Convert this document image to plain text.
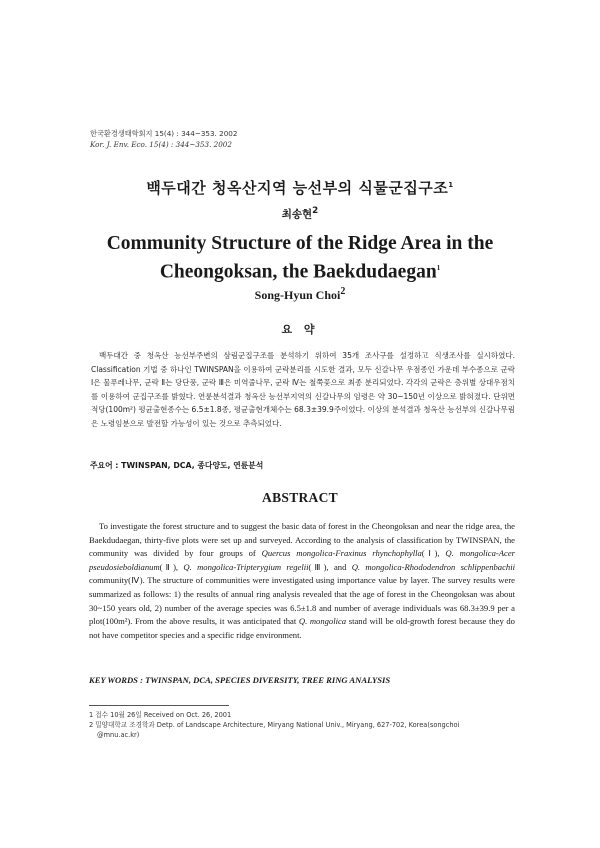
한국환경생태학회지 15(4) : 344~353. 2002
Kor. J. Env. Eco. 15(4) : 344~353. 2002
백두대간 청옥산지역 능선부의 식물군집구조$^1$
최송현$^2$
Community Structure of the Ridge Area in the
Cheongoksan, the Baekdudaegan$^1$
Song-Hyun Choi$^2$
요 약
백두대간 중 청옥산 능선부주변의 삼림군집구조를 분석하기 위하여 35개 조사구를 설정하고 식생조사를 실시하였다. Classification 기법 중 하나인 TWINSPAN을 이용하여 군락분리를 시도한 결과, 모두 신갈나무 우점종인 가운데 부수종으로 군락 Ⅰ은 물푸레나무, 군락 Ⅱ는 당단풍, 군락 Ⅲ은 미역줄나무, 군락 Ⅳ는 철쭉꽃으로 최종 분리되었다. 각각의 군락은 층위별 상대우점치를 이용하여 군집구조를 밝혔다. 연륜분석결과 청옥산 능선부지역의 신갈나무의 임령은 약 30~150년 이상으로 밝혀졌다. 단위면적당(100m²) 평균출현종수는 6.5±1.8종, 평균출현개체수는 68.3±39.9주이었다. 이상의 분석결과 청옥산 능선부의 신갈나무림은 노령임분으로 발전할 가능성이 있는 것으로 추측되었다.
주요어 : TWINSPAN, DCA, 종다양도, 연륜분석
ABSTRACT
To investigate the forest structure and to suggest the basic data of forest in the Cheongoksan and near the ridge area, the Baekdudaegan, thirty-five plots were set up and surveyed. According to the analysis of classification by TWINSPAN, the community was divided by four groups of Quercus mongolica-Fraxinus rhynchophylla(Ⅰ), Q. mongolica-Acer pseudosieboldianum(Ⅱ), Q. mongolica-Tripterygium regelii(Ⅲ), and Q. mongolica-Rhododendron schlippenbachii community(Ⅳ). The structure of communities were investigated using importance value by layer. The survey results were summarized as follows: 1) the results of annual ring analysis revealed that the age of forest in the Cheongoksan was about 30~150 years old, 2) number of the average species was 6.5±1.8 and number of average individuals was 68.3±39.9 per a plot(100m²). From the above results, it was anticipated that Q. mongolica stand will be old-growth forest because they do not have competitor species and a specific ridge environment.
KEY WORDS : TWINSPAN, DCA, SPECIES DIVERSITY, TREE RING ANALYSIS
1 접수 10월 26일 Received on Oct. 26, 2001
2 밀양대학교 조경학과 Detp. of Landscape Architecture, Miryang National Univ., Miryang, 627-702, Korea(songchoi
@mnu.ac.kr)
